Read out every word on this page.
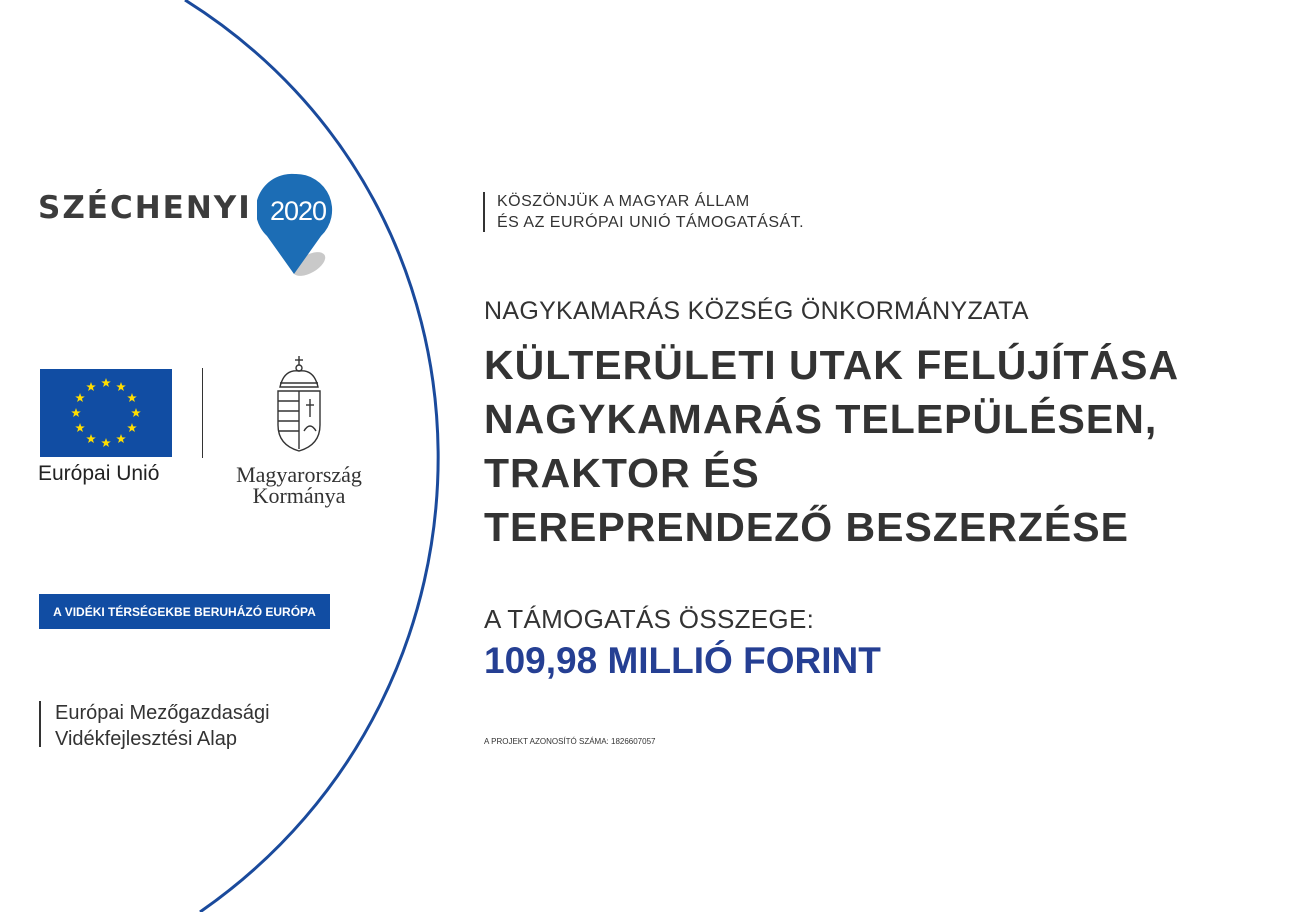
SZÉCHENYI 2020
Európai Unió	Magyarország
Kormánya
A VIDÉKI TÉRSÉGEKBE BERUHÁZÓ EURÓPA
Európai Mezőgazdasági
Vidékfejlesztési Alap
KÖSZÖNJÜK A MAGYAR ÁLLAM
ÉS AZ EURÓPAI UNIÓ TÁMOGATÁSÁT.
NAGYKAMARÁS KÖZSÉG ÖNKORMÁNYZATA
KÜLTERÜLETI UTAK FELÚJÍTÁSA
NAGYKAMARÁS TELEPÜLÉSEN,
TRAKTOR ÉS
TEREPRENDEZŐ BESZERZÉSE
A TÁMOGATÁS ÖSSZEGE:
109,98 MILLIÓ FORINT
A PROJEKT AZONOSÍTÓ SZÁMA: 1826607057
